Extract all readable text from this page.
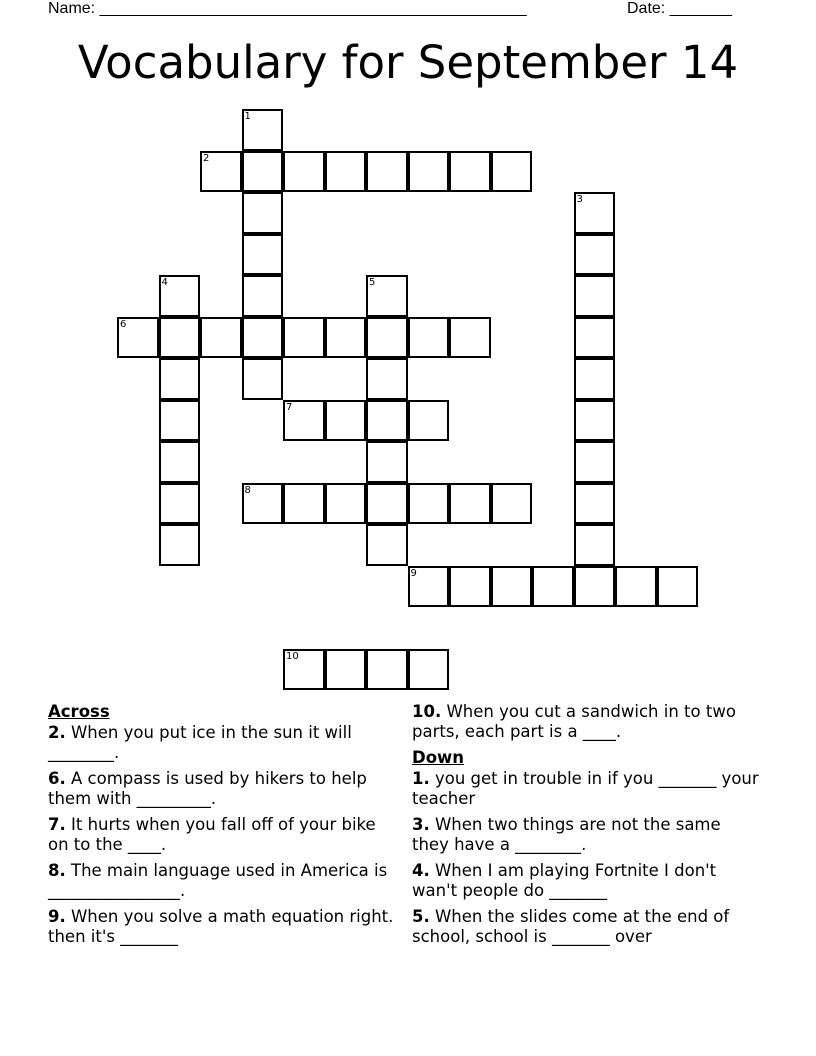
Name: ________________________________________________	Date: _______
Vocabulary for September 14
1
2
3
4	5
6
7
8
9
10
Across
2. When you put ice in the sun it will ________.
6. A compass is used by hikers to help them with _________.
7. It hurts when you fall off of your bike on to the ____.
8. The main language used in America is ________________.
9. When you solve a math equation right. then it's _______
10. When you cut a sandwich in to two parts, each part is a ____.
Down
1. you get in trouble in if you _______ your teacher
3. When two things are not the same they have a ________.
4. When I am playing Fortnite I don't wan't people do _______
5. When the slides come at the end of school, school is _______ over
